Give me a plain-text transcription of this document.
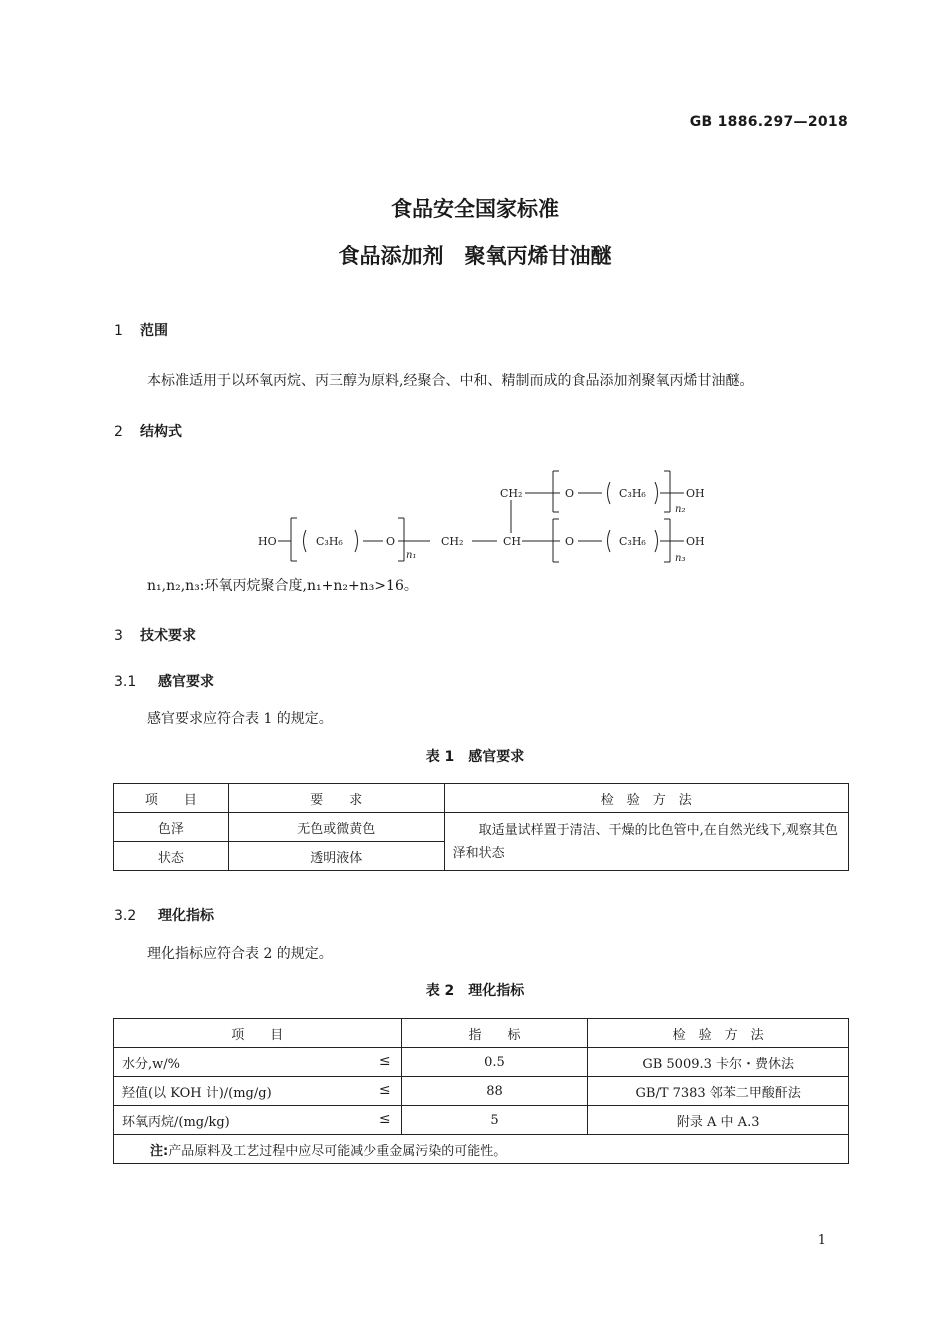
GB 1886.297—2018
食品安全国家标准
食品添加剂　聚氧丙烯甘油醚
1 范围
本标准适用于以环氧丙烷、丙三醇为原料,经聚合、中和、精制而成的食品添加剂聚氧丙烯甘油醚。
2 结构式
HO	C₃H₆	O
n₁
CH₂	CH	O	C₃H₆	OH
n₃
CH₂	O	C₃H₆	OH
n₂
n₁,n₂,n₃:环氧丙烷聚合度,n₁+n₂+n₃>16。
3 技术要求
3.1 感官要求
感官要求应符合表 1 的规定。
表 1　感官要求
项　　目	要　　求	检　验　方　法
色泽	无色或微黄色	取适量试样置于清洁、干燥的比色管中,在自然光线下,观察其色泽和状态
状态	透明液体	
3.2 理化指标
理化指标应符合表 2 的规定。
表 2　理化指标
项　　目	指　　标	检　验　方　法
水分,w/% ≤	0.5	GB 5009.3 卡尔・费休法
羟值(以 KOH 计)/(mg/g) ≤	88	GB/T 7383 邻苯二甲酸酐法
环氧丙烷/(mg/kg) ≤	5	附录 A 中 A.3
注:产品原料及工艺过程中应尽可能减少重金属污染的可能性。		
1
